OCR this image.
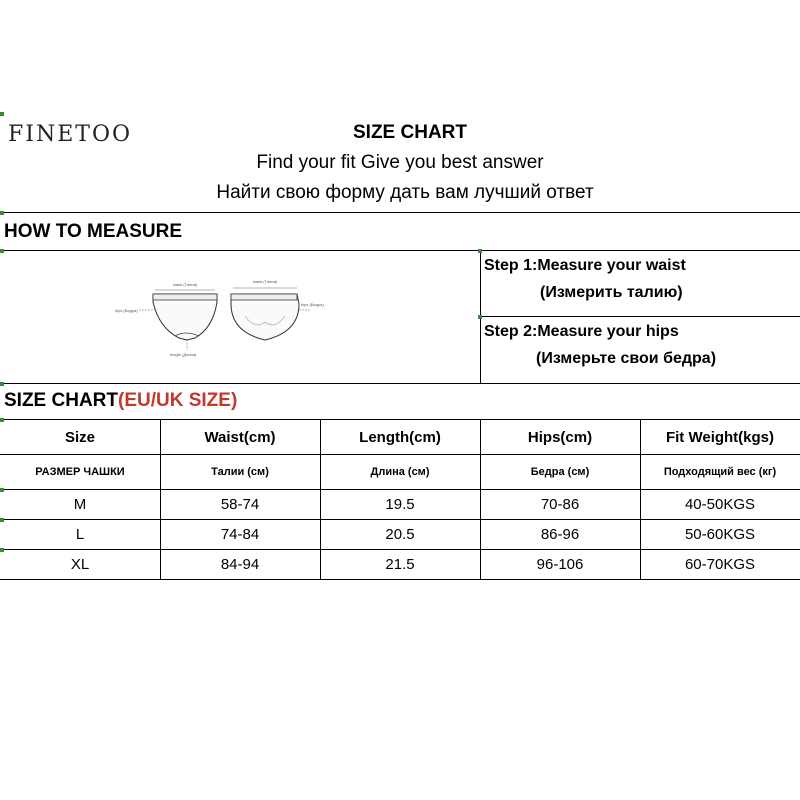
FINETOO	SIZE CHART
Find your fit Give you best answer
Найти свою форму дать вам лучший ответ
HOW TO MEASURE
waist (Талия)
waist (Талия)
hips (Бедра)
hips (Бедра)
length (Длина)
Step 1:Measure your waist
(Измерить талию)
Step 2:Measure your hips
(Измерьте свои бедра)
SIZE CHART(EU/UK SIZE)
Size	Waist(cm)	Length(cm)	Hips(cm)	Fit Weight(kgs)
РАЗМЕР ЧАШКИ	Талии (см)	Длина (см)	Бедра (см)	Подходящий вес (кг)
M	58-74	19.5	70-86	40-50KGS
L	74-84	20.5	86-96	50-60KGS
XL	84-94	21.5	96-106	60-70KGS
